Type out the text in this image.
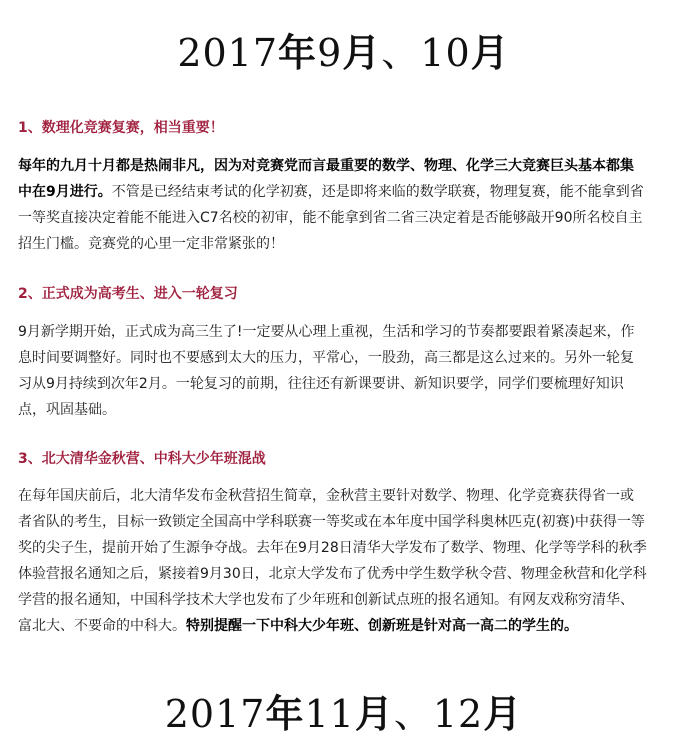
2017年9月、10月
1、数理化竞赛复赛，相当重要！
每年的九月十月都是热闹非凡，因为对竞赛党而言最重要的数学、物理、化学三大竞赛巨头基本都集
中在9月进行。不管是已经结束考试的化学初赛，还是即将来临的数学联赛，物理复赛，能不能拿到省
一等奖直接决定着能不能进入C7名校的初审，能不能拿到省二省三决定着是否能够敲开90所名校自主
招生门槛。竞赛党的心里一定非常紧张的！
2、正式成为高考生、进入一轮复习
9月新学期开始，正式成为高三生了!一定要从心理上重视，生活和学习的节奏都要跟着紧凑起来，作
息时间要调整好。同时也不要感到太大的压力，平常心，一股劲，高三都是这么过来的。另外一轮复
习从9月持续到次年2月。一轮复习的前期，往往还有新课要讲、新知识要学，同学们要梳理好知识
点，巩固基础。
3、北大清华金秋营、中科大少年班混战
在每年国庆前后，北大清华发布金秋营招生简章，金秋营主要针对数学、物理、化学竞赛获得省一或
者省队的考生，目标一致锁定全国高中学科联赛一等奖或在本年度中国学科奥林匹克(初赛)中获得一等
奖的尖子生，提前开始了生源争夺战。去年在9月28日清华大学发布了数学、物理、化学等学科的秋季
体验营报名通知之后，紧接着9月30日，北京大学发布了优秀中学生数学秋令营、物理金秋营和化学科
学营的报名通知，中国科学技术大学也发布了少年班和创新试点班的报名通知。有网友戏称穷清华、
富北大、不要命的中科大。特别提醒一下中科大少年班、创新班是针对高一高二的学生的。
2017年11月、12月
